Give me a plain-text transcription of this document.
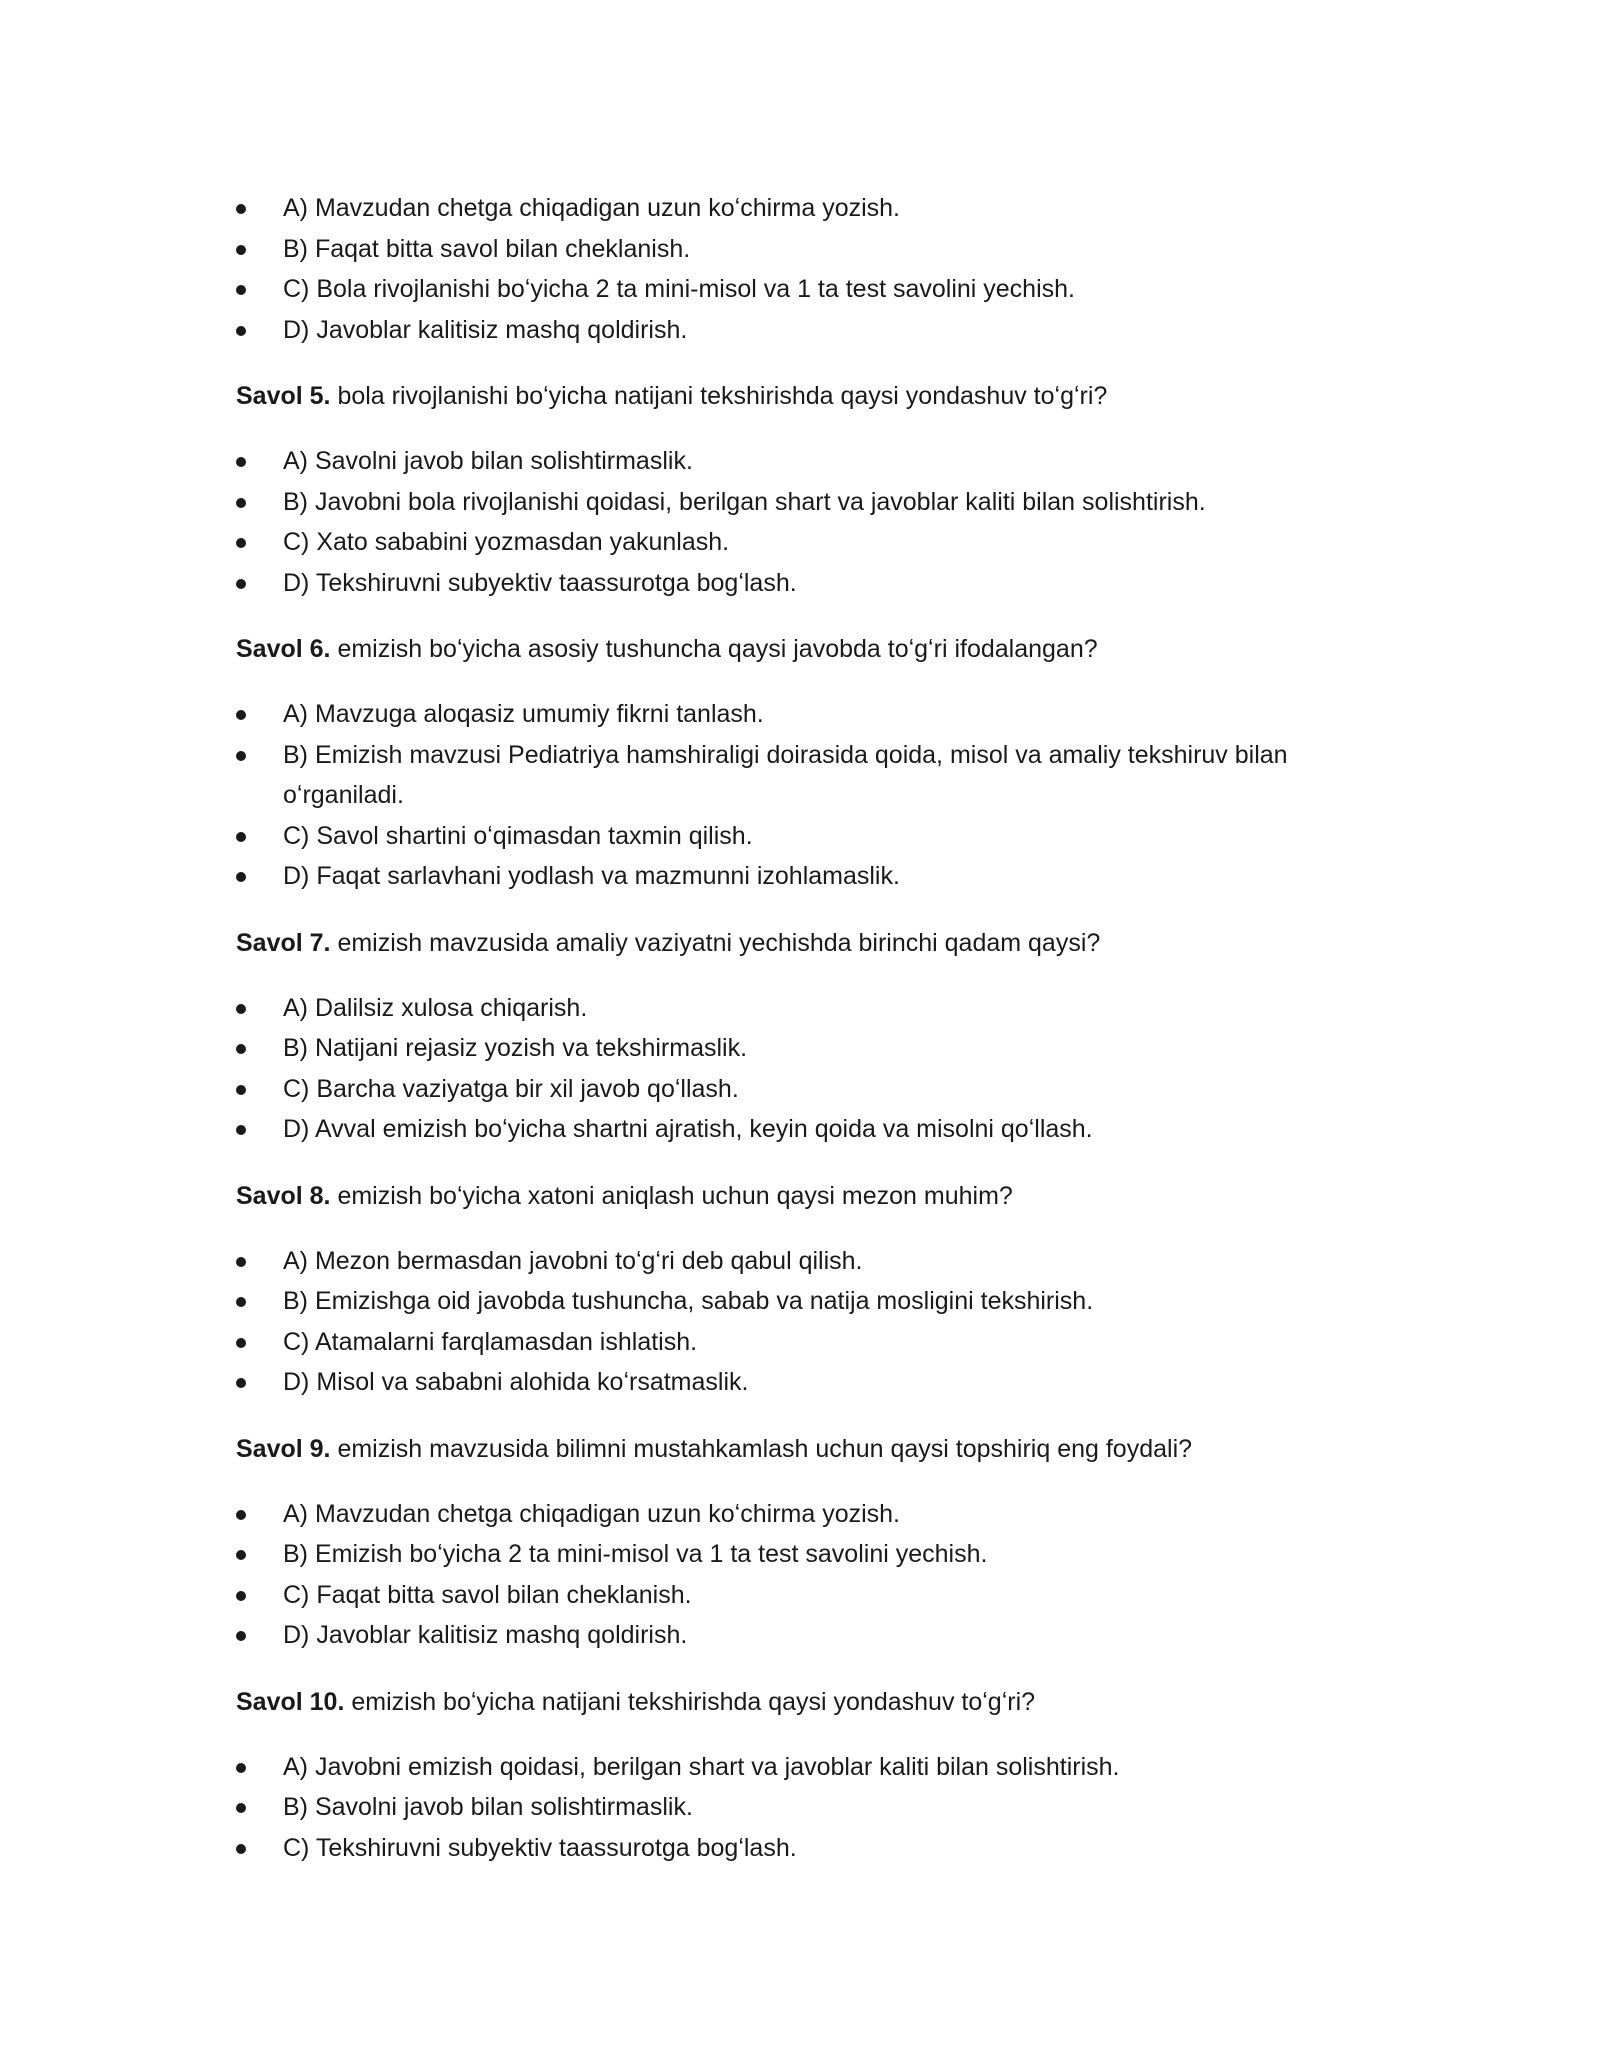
A) Mavzudan chetga chiqadigan uzun koʻchirma yozish.
B) Faqat bitta savol bilan cheklanish.
C) Bola rivojlanishi boʻyicha 2 ta mini-misol va 1 ta test savolini yechish.
D) Javoblar kalitisiz mashq qoldirish.

Savol 5. bola rivojlanishi boʻyicha natijani tekshirishda qaysi yondashuv toʻgʻri?

A) Savolni javob bilan solishtirmaslik.
B) Javobni bola rivojlanishi qoidasi, berilgan shart va javoblar kaliti bilan solishtirish.
C) Xato sababini yozmasdan yakunlash.
D) Tekshiruvni subyektiv taassurotga bogʻlash.

Savol 6. emizish boʻyicha asosiy tushuncha qaysi javobda toʻgʻri ifodalangan?

A) Mavzuga aloqasiz umumiy fikrni tanlash.
B) Emizish mavzusi Pediatriya hamshiraligi doirasida qoida, misol va amaliy tekshiruv bilan oʻrganiladi.
C) Savol shartini oʻqimasdan taxmin qilish.
D) Faqat sarlavhani yodlash va mazmunni izohlamaslik.

Savol 7. emizish mavzusida amaliy vaziyatni yechishda birinchi qadam qaysi?

A) Dalilsiz xulosa chiqarish.
B) Natijani rejasiz yozish va tekshirmaslik.
C) Barcha vaziyatga bir xil javob qoʻllash.
D) Avval emizish boʻyicha shartni ajratish, keyin qoida va misolni qoʻllash.

Savol 8. emizish boʻyicha xatoni aniqlash uchun qaysi mezon muhim?

A) Mezon bermasdan javobni toʻgʻri deb qabul qilish.
B) Emizishga oid javobda tushuncha, sabab va natija mosligini tekshirish.
C) Atamalarni farqlamasdan ishlatish.
D) Misol va sababni alohida koʻrsatmaslik.

Savol 9. emizish mavzusida bilimni mustahkamlash uchun qaysi topshiriq eng foydali?

A) Mavzudan chetga chiqadigan uzun koʻchirma yozish.
B) Emizish boʻyicha 2 ta mini-misol va 1 ta test savolini yechish.
C) Faqat bitta savol bilan cheklanish.
D) Javoblar kalitisiz mashq qoldirish.

Savol 10. emizish boʻyicha natijani tekshirishda qaysi yondashuv toʻgʻri?

A) Javobni emizish qoidasi, berilgan shart va javoblar kaliti bilan solishtirish.
B) Savolni javob bilan solishtirmaslik.
C) Tekshiruvni subyektiv taassurotga bogʻlash.
